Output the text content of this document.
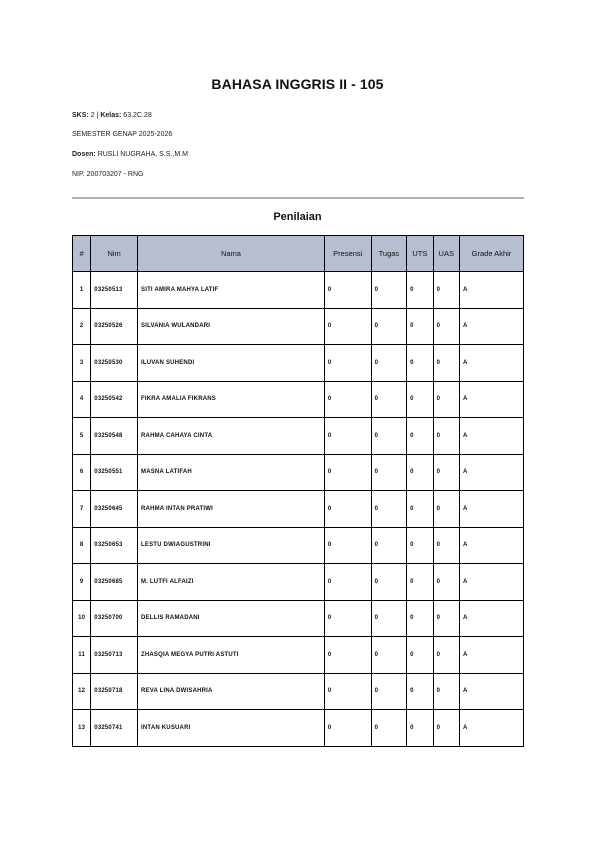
BAHASA INGGRIS II - 105
SKS: 2 | Kelas: 63.2C.28
SEMESTER GENAP 2025-2026
Dosen: RUSLI NUGRAHA, S.S.,M.M
NIP. 200703207 - RNG
Penilaian
#	Nim	Nama	Presensi	Tugas	UTS	UAS	Grade Akhir
1	03250513	SITI AMIRA MAHYA LATIF	0	0	0	0	A
2	03250526	SILVANIA WULANDARI	0	0	0	0	A
3	03250530	ILUVAN SUHENDI	0	0	0	0	A
4	03250542	FIKRA AMALIA FIKRANS	0	0	0	0	A
5	03250548	RAHMA CAHAYA CINTA	0	0	0	0	A
6	03250551	MASNA LATIFAH	0	0	0	0	A
7	03250645	RAHMA INTAN PRATIWI	0	0	0	0	A
8	03250653	LESTU DWIAGUSTRINI	0	0	0	0	A
9	03250685	M. LUTFI ALFAIZI	0	0	0	0	A
10	03250700	DELLIS RAMADANI	0	0	0	0	A
11	03250713	ZHASQIA MEGYA PUTRI ASTUTI	0	0	0	0	A
12	03250718	REVA LINA DWISAHRIA	0	0	0	0	A
13	03250741	INTAN KUSUARI	0	0	0	0	A
